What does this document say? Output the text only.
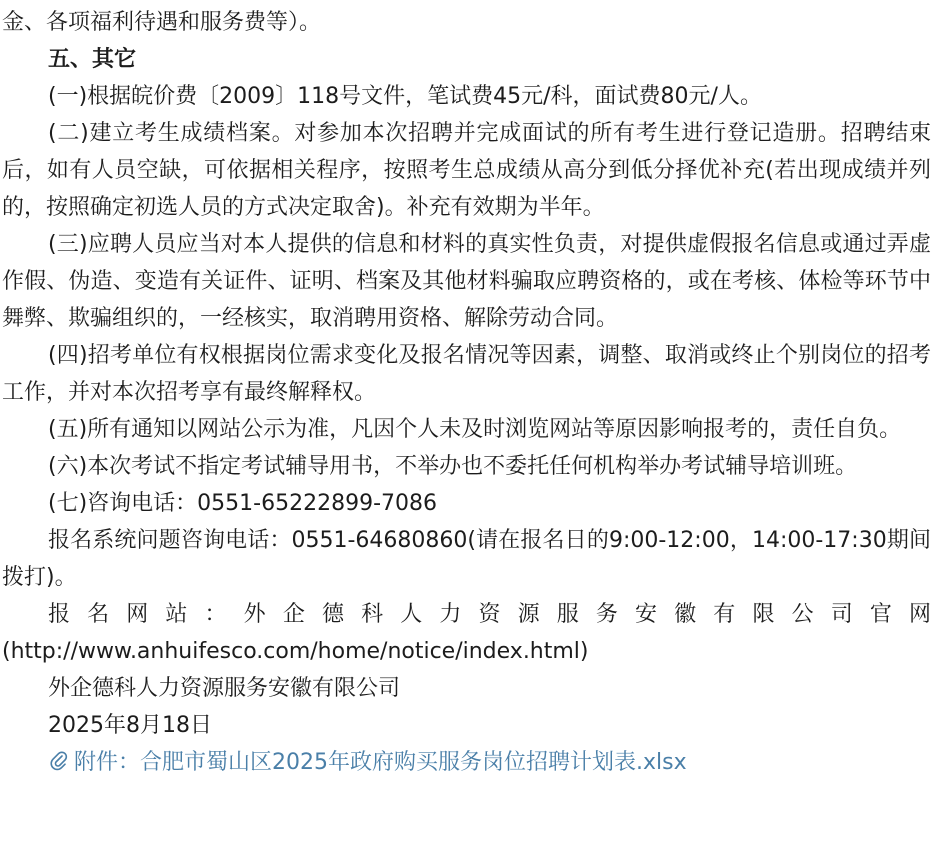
金、各项福利待遇和服务费等）。

五、其它

(一)根据皖价费〔2009〕118号文件，笔试费45元/科，面试费80元/人。

(二)建立考生成绩档案。对参加本次招聘并完成面试的所有考生进行登记造册。招聘结束后，如有人员空缺，可依据相关程序，按照考生总成绩从高分到低分择优补充(若出现成绩并列的，按照确定初选人员的方式决定取舍)。补充有效期为半年。

(三)应聘人员应当对本人提供的信息和材料的真实性负责，对提供虚假报名信息或通过弄虚作假、伪造、变造有关证件、证明、档案及其他材料骗取应聘资格的，或在考核、体检等环节中舞弊、欺骗组织的，一经核实，取消聘用资格、解除劳动合同。

(四)招考单位有权根据岗位需求变化及报名情况等因素，调整、取消或终止个别岗位的招考工作，并对本次招考享有最终解释权。

(五)所有通知以网站公示为准，凡因个人未及时浏览网站等原因影响报考的，责任自负。

(六)本次考试不指定考试辅导用书，不举办也不委托任何机构举办考试辅导培训班。

(七)咨询电话：0551-65222899-7086

报名系统问题咨询电话：0551-64680860(请在报名日的9:00-12:00，14:00-17:30期间拨打)。

报 名 网 站 ： 外 企 德 科 人 力 资 源 服 务 安 徽 有 限 公 司 官 网

(http://www.anhuifesco.com/home/notice/index.html)

外企德科人力资源服务安徽有限公司

2025年8月18日

附件：合肥市蜀山区2025年政府购买服务岗位招聘计划表.xlsx
